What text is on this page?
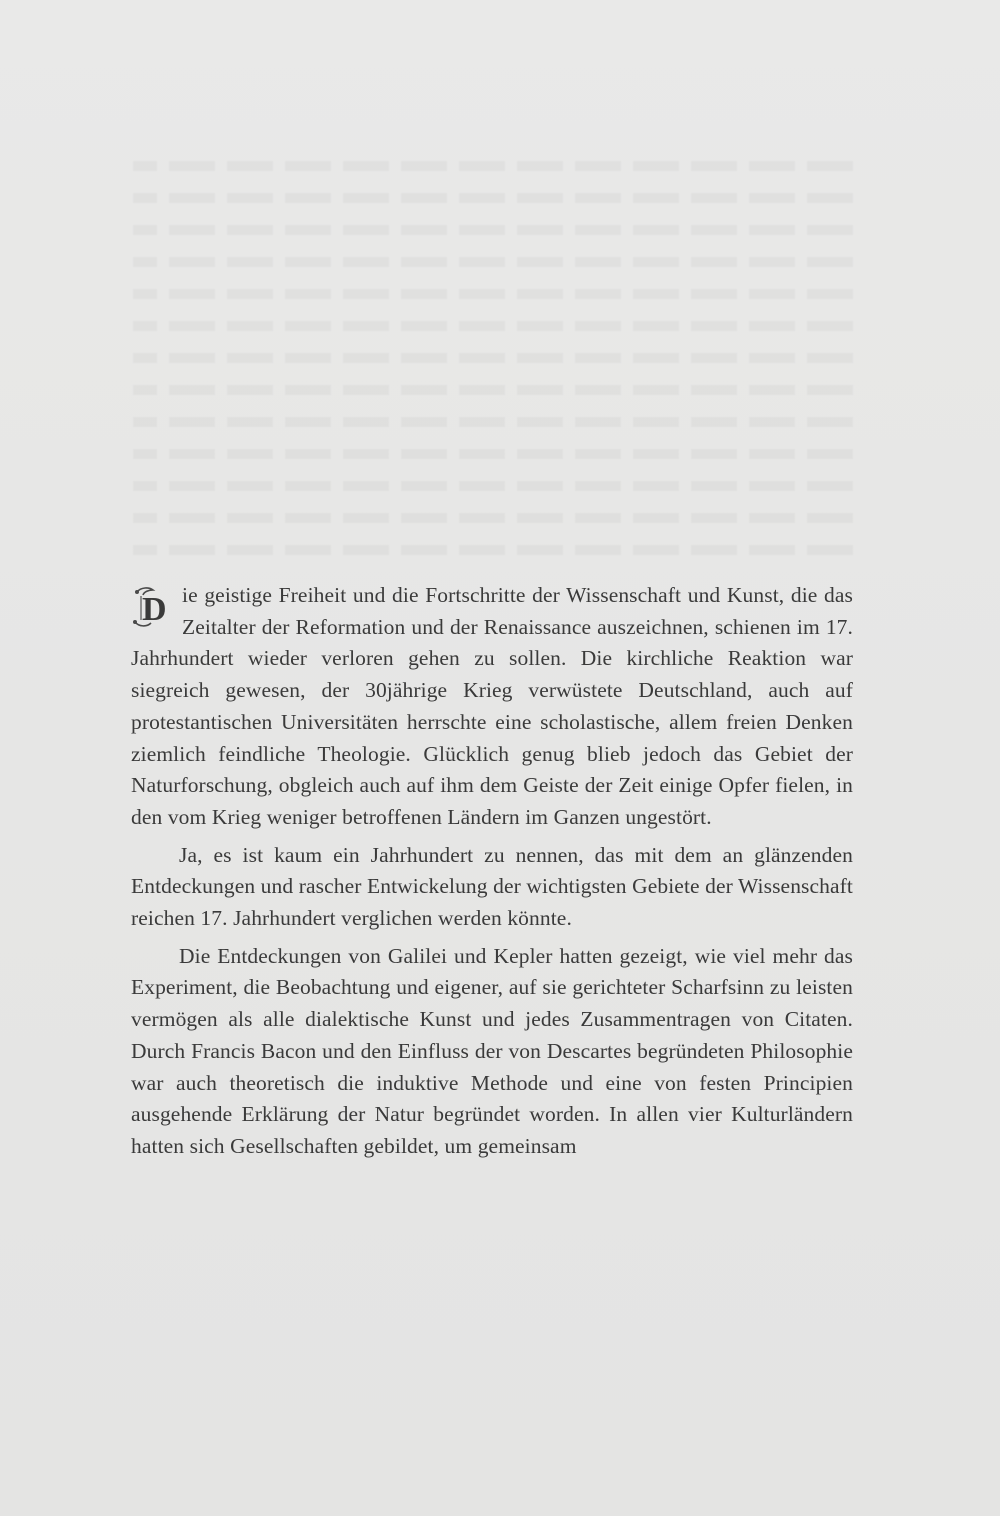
D ie geistige Freiheit und die Fortschritte der Wissenschaft und Kunst, die das Zeitalter der Reformation und der Renaissance auszeichnen, schienen im 17. Jahrhundert wieder verloren gehen zu sollen. Die kirchliche Reaktion war siegreich gewesen, der 30jährige Krieg verwüstete Deutschland, auch auf protestantischen Universitäten herrschte eine scholastische, allem freien Denken ziemlich feindliche Theologie. Glücklich genug blieb jedoch das Gebiet der Naturforschung, obgleich auch auf ihm dem Geiste der Zeit einige Opfer fielen, in den vom Krieg weniger betroffenen Ländern im Ganzen ungestört.

Ja, es ist kaum ein Jahrhundert zu nennen, das mit dem an glänzenden Entdeckungen und rascher Entwickelung der wichtigsten Gebiete der Wissenschaft reichen 17. Jahrhundert verglichen werden könnte.

Die Entdeckungen von Galilei und Kepler hatten gezeigt, wie viel mehr das Experiment, die Beobachtung und eigener, auf sie gerichteter Scharfsinn zu leisten vermögen als alle dialektische Kunst und jedes Zusammentragen von Citaten. Durch Francis Bacon und den Einfluss der von Descartes begründeten Philosophie war auch theoretisch die induktive Methode und eine von festen Principien ausgehende Erklärung der Natur begründet worden. In allen vier Kulturländern hatten sich Gesellschaften gebildet, um gemeinsam
